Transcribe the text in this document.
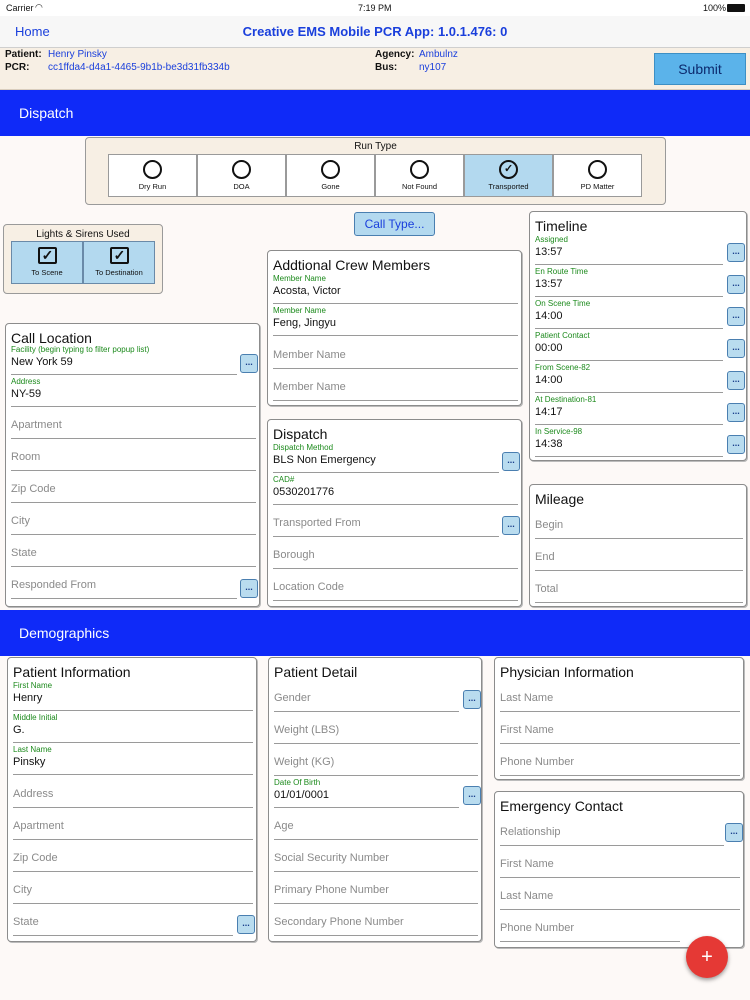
Carrier ◠	7:19 PM	100%
Creative EMS Mobile PCR App: 1.0.1.476: 0
Home
Patient: Henry Pinsky
PCR: cc1ffda4-d4a1-4465-9b1b-be3d31fb334b
Agency: Ambulnz
Bus: ny107	Submit
Dispatch
Run Type
Dry Run	DOA	Gone	Not Found
✓
Transported	PD Matter
Lights & Sirens Used
✓
To Scene
✓
To Destination
Call Type...
Call Location
Facility (begin typing to filter popup list)
New York 59	...
Address
NY-59
Apartment
Room
Zip Code
City
State
Responded From	...
Addtional Crew Members
Member Name
Acosta, Victor
Member Name
Feng, Jingyu
Member Name
Member Name
Dispatch
Dispatch Method
BLS Non Emergency	...
CAD#
0530201776
Transported From	...
Borough
Location Code
Timeline
Assigned
13:57	...
En Route Time
13:57	...
On Scene Time
14:00	...
Patient Contact
00:00	...
From Scene-82
14:00	...
At Destination-81
14:17	...
In Service-98
14:38	...
Mileage
Begin
End
Total
Demographics
Patient Information
First Name
Henry
Middle Initial
G.
Last Name
Pinsky
Address
Apartment
Zip Code
City
State	...
Patient Detail
Gender	...
Weight (LBS)
Weight (KG)
Date Of Birth
01/01/0001	...
Age
Social Security Number
Primary Phone Number
Secondary Phone Number
Physician Information
Last Name
First Name
Phone Number
Emergency Contact
Relationship	...
First Name
Last Name
Phone Number
+
